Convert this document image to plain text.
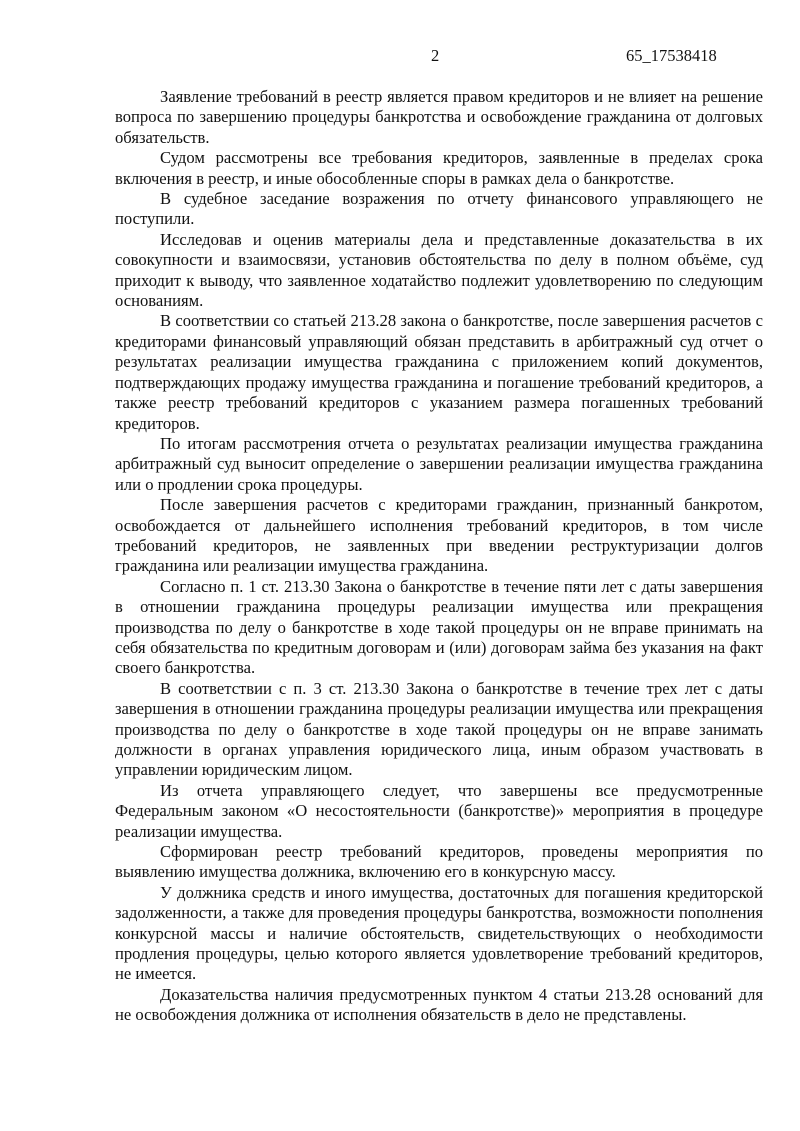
2	65_17538418

Заявление требований в реестр является правом кредиторов и не влияет на решение вопроса по завершению процедуры банкротства и освобождение гражданина от долговых обязательств.

Судом рассмотрены все требования кредиторов, заявленные в пределах срока включения в реестр, и иные обособленные споры в рамках дела о банкротстве.

В судебное заседание возражения по отчету финансового управляющего не поступили.

Исследовав и оценив материалы дела и представленные доказательства в их совокупности и взаимосвязи, установив обстоятельства по делу в полном объёме, суд приходит к выводу, что заявленное ходатайство подлежит удовлетворению по следующим основаниям.

В соответствии со статьей 213.28 закона о банкротстве, после завершения расчетов с кредиторами финансовый управляющий обязан представить в арбитражный суд отчет о результатах реализации имущества гражданина с приложением копий документов, подтверждающих продажу имущества гражданина и погашение требований кредиторов, а также реестр требований кредиторов с указанием размера погашенных требований кредиторов.

По итогам рассмотрения отчета о результатах реализации имущества гражданина арбитражный суд выносит определение о завершении реализации имущества гражданина или о продлении срока процедуры.

После завершения расчетов с кредиторами гражданин, признанный банкротом, освобождается от дальнейшего исполнения требований кредиторов, в том числе требований кредиторов, не заявленных при введении реструктуризации долгов гражданина или реализации имущества гражданина.

Согласно п. 1 ст. 213.30 Закона о банкротстве в течение пяти лет с даты завершения в отношении гражданина процедуры реализации имущества или прекращения производства по делу о банкротстве в ходе такой процедуры он не вправе принимать на себя обязательства по кредитным договорам и (или) договорам займа без указания на факт своего банкротства.

В соответствии с п. 3 ст. 213.30 Закона о банкротстве в течение трех лет с даты завершения в отношении гражданина процедуры реализации имущества или прекращения производства по делу о банкротстве в ходе такой процедуры он не вправе занимать должности в органах управления юридического лица, иным образом участвовать в управлении юридическим лицом.

Из отчета управляющего следует, что завершены все предусмотренные Федеральным законом «О несостоятельности (банкротстве)» мероприятия в процедуре реализации имущества.

Сформирован реестр требований кредиторов, проведены мероприятия по выявлению имущества должника, включению его в конкурсную массу.

У должника средств и иного имущества, достаточных для погашения кредиторской задолженности, а также для проведения процедуры банкротства, возможности пополнения конкурсной массы и наличие обстоятельств, свидетельствующих о необходимости продления процедуры, целью которого является удовлетворение требований кредиторов, не имеется.

Доказательства наличия предусмотренных пунктом 4 статьи 213.28 оснований для не освобождения должника от исполнения обязательств в дело не представлены.
